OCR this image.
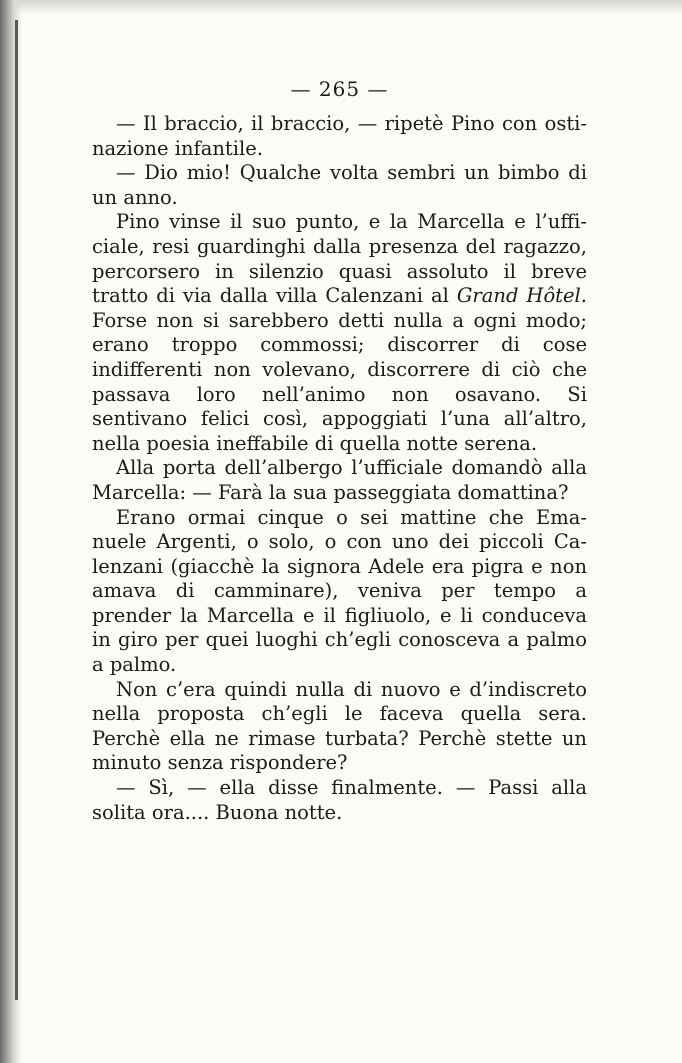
— 265 —

— Il braccio, il braccio, — ripetè Pino con osti-nazione infantile.

— Dio mio! Qualche volta sembri un bimbo di un anno.

Pino vinse il suo punto, e la Marcella e l’uffi-ciale, resi guardinghi dalla presenza del ragazzo, percorsero in silenzio quasi assoluto il breve tratto di via dalla villa Calenzani al Grand Hôtel. Forse non si sarebbero detti nulla a ogni modo; erano troppo commossi; discorrer di cose indifferenti non volevano, discorrere di ciò che passava loro nell’animo non osavano. Si sentivano felici così, appoggiati l’una all’altro, nella poesia ineffabile di quella notte serena.

Alla porta dell’albergo l’ufficiale domandò alla Marcella: — Farà la sua passeggiata domattina?

Erano ormai cinque o sei mattine che Ema-nuele Argenti, o solo, o con uno dei piccoli Ca-lenzani (giacchè la signora Adele era pigra e non amava di camminare), veniva per tempo a prender la Marcella e il figliuolo, e li conduceva in giro per quei luoghi ch’egli conosceva a palmo a palmo.

Non c’era quindi nulla di nuovo e d’indiscreto nella proposta ch’egli le faceva quella sera. Perchè ella ne rimase turbata? Perchè stette un minuto senza rispondere?

— Sì, — ella disse finalmente. — Passi alla solita ora.... Buona notte.
